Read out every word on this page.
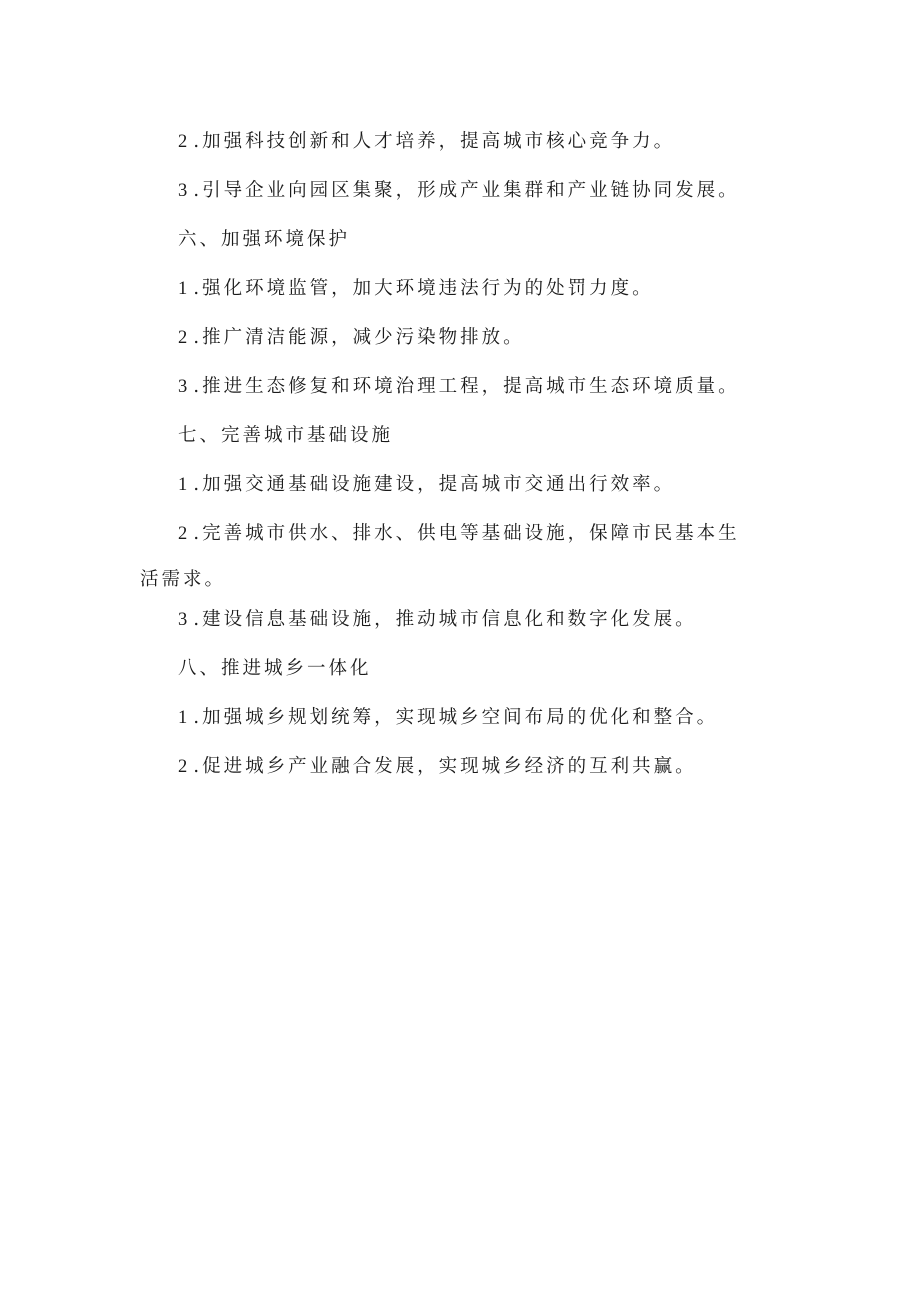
2 .加强科技创新和人才培养，提高城市核心竞争力。

3 .引导企业向园区集聚，形成产业集群和产业链协同发展。

六、加强环境保护

1 .强化环境监管，加大环境违法行为的处罚力度。

2 .推广清洁能源，减少污染物排放。

3 .推进生态修复和环境治理工程，提高城市生态环境质量。

七、完善城市基础设施

1 .加强交通基础设施建设，提高城市交通出行效率。

2 .完善城市供水、排水、供电等基础设施，保障市民基本生活需求。

3 .建设信息基础设施，推动城市信息化和数字化发展。

八、推进城乡一体化

1 .加强城乡规划统筹，实现城乡空间布局的优化和整合。

2 .促进城乡产业融合发展，实现城乡经济的互利共赢。
